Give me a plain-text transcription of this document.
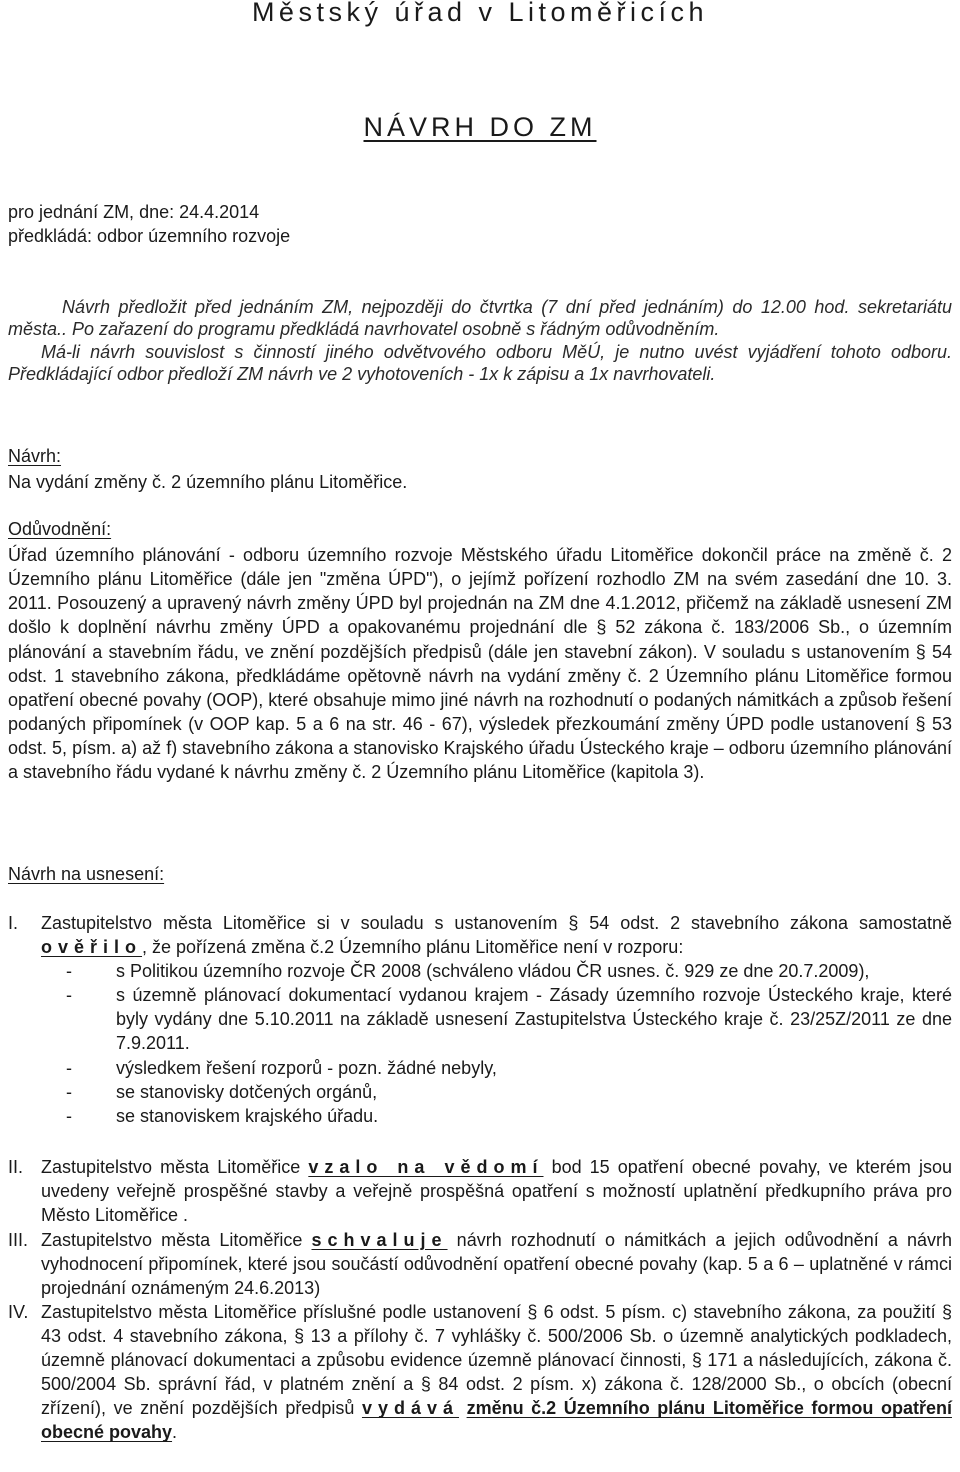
Městský úřad v Litoměřicích
NÁVRH DO ZM
pro jednání ZM, dne: 24.4.2014
předkládá: odbor územního rozvoje
Návrh předložit před jednáním ZM, nejpozději do čtvrtka (7 dní před jednáním) do 12.00 hod. sekretariátu města.. Po zařazení do programu předkládá navrhovatel osobně s řádným odůvodněním.
Má-li návrh souvislost s činností jiného odvětvového odboru MěÚ, je nutno uvést vyjádření tohoto odboru. Předkládající odbor předloží ZM návrh ve 2 vyhotoveních - 1x k zápisu a 1x navrhovateli.
Návrh:
Na vydání změny č. 2 územního plánu Litoměřice.
Odůvodnění:
Úřad územního plánování - odboru územního rozvoje Městského úřadu Litoměřice dokončil práce na změně č. 2 Územního plánu Litoměřice (dále jen "změna ÚPD"), o jejímž pořízení rozhodlo ZM na svém zasedání dne 10. 3. 2011. Posouzený a upravený návrh změny ÚPD byl projednán na ZM dne 4.1.2012, přičemž na základě usnesení ZM došlo k doplnění návrhu změny ÚPD a opakovanému projednání dle § 52 zákona č. 183/2006 Sb., o územním plánování a stavebním řádu, ve znění pozdějších předpisů (dále jen stavební zákon). V souladu s ustanovením § 54 odst. 1 stavebního zákona, předkládáme opětovně návrh na vydání změny č. 2 Územního plánu Litoměřice formou opatření obecné povahy (OOP), které obsahuje mimo jiné návrh na rozhodnutí o podaných námitkách a způsob řešení podaných připomínek (v OOP kap. 5 a 6 na str. 46 - 67), výsledek přezkoumání změny ÚPD podle ustanovení § 53 odst. 5, písm. a) až f) stavebního zákona a stanovisko Krajského úřadu Ústeckého kraje – odboru územního plánování a stavebního řádu vydané k návrhu změny č. 2 Územního plánu Litoměřice (kapitola 3).
Návrh na usnesení:
I. Zastupitelstvo města Litoměřice si v souladu s ustanovením § 54 odst. 2 stavebního zákona samostatně ověřilo, že pořízená změna č.2 Územního plánu Litoměřice není v rozporu:
- s Politikou územního rozvoje ČR 2008 (schváleno vládou ČR usnes. č. 929 ze dne 20.7.2009),
- s územně plánovací dokumentací vydanou krajem - Zásady územního rozvoje Ústeckého kraje, které byly vydány dne 5.10.2011 na základě usnesení Zastupitelstva Ústeckého kraje č. 23/25Z/2011 ze dne 7.9.2011.
- výsledkem řešení rozporů - pozn. žádné nebyly,
- se stanovisky dotčených orgánů,
- se stanoviskem krajského úřadu.
II. Zastupitelstvo města Litoměřice vzalo na vědomí bod 15 opatření obecné povahy, ve kterém jsou uvedeny veřejně prospěšné stavby a veřejně prospěšná opatření s možností uplatnění předkupního práva pro Město Litoměřice .
III. Zastupitelstvo města Litoměřice schvaluje návrh rozhodnutí o námitkách a jejich odůvodnění a návrh vyhodnocení připomínek, které jsou součástí odůvodnění opatření obecné povahy (kap. 5 a 6 – uplatněné v rámci projednání oznámeným 24.6.2013)
IV. Zastupitelstvo města Litoměřice příslušné podle ustanovení § 6 odst. 5 písm. c) stavebního zákona, za použití § 43 odst. 4 stavebního zákona, § 13 a přílohy č. 7 vyhlášky č. 500/2006 Sb. o územně analytických podkladech, územně plánovací dokumentaci a způsobu evidence územně plánovací činnosti, § 171 a následujících, zákona č. 500/2004 Sb. správní řád, v platném znění a § 84 odst. 2 písm. x) zákona č. 128/2000 Sb., o obcích (obecní zřízení), ve znění pozdějších předpisů vydává změnu č.2 Územního plánu Litoměřice formou opatření obecné povahy.
